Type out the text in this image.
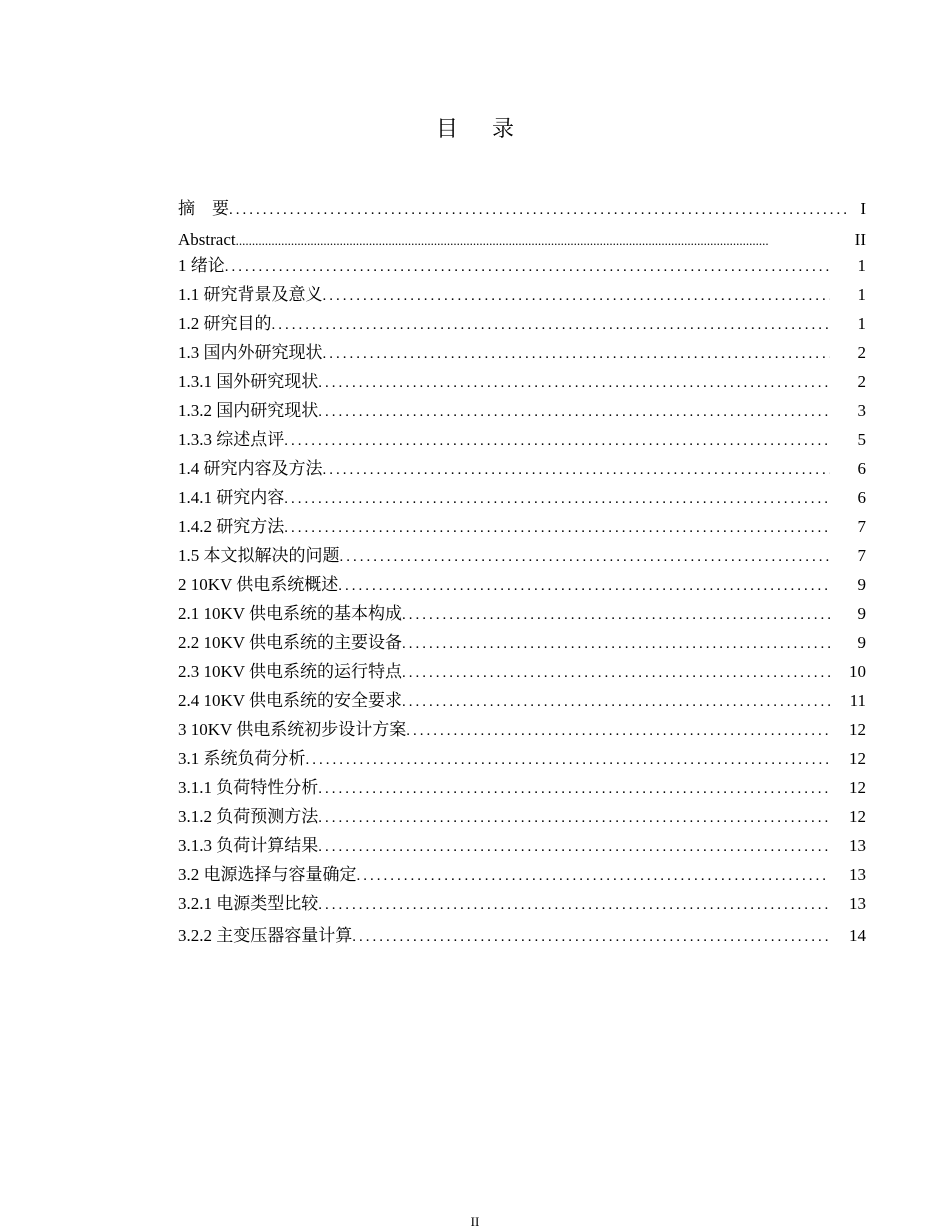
目 录
摘　要 .....	I
Abstract .....	II
1 绪论 .....	1
1.1 研究背景及意义 .....	1
1.2 研究目的 .....	1
1.3 国内外研究现状 .....	2
1.3.1 国外研究现状 .....	2
1.3.2 国内研究现状 .....	3
1.3.3 综述点评 .....	5
1.4 研究内容及方法 .....	6
1.4.1 研究内容 .....	6
1.4.2 研究方法 .....	7
1.5 本文拟解决的问题 .....	7
2 10KV 供电系统概述 .....	9
2.1 10KV 供电系统的基本构成 .....	9
2.2 10KV 供电系统的主要设备 .....	9
2.3 10KV 供电系统的运行特点 .....	10
2.4 10KV 供电系统的安全要求 .....	11
3 10KV 供电系统初步设计方案 .....	12
3.1 系统负荷分析 .....	12
3.1.1 负荷特性分析 .....	12
3.1.2 负荷预测方法 .....	12
3.1.3 负荷计算结果 .....	13
3.2 电源选择与容量确定 .....	13
3.2.1 电源类型比较 .....	13
3.2.2 主变压器容量计算 .....	14
II
